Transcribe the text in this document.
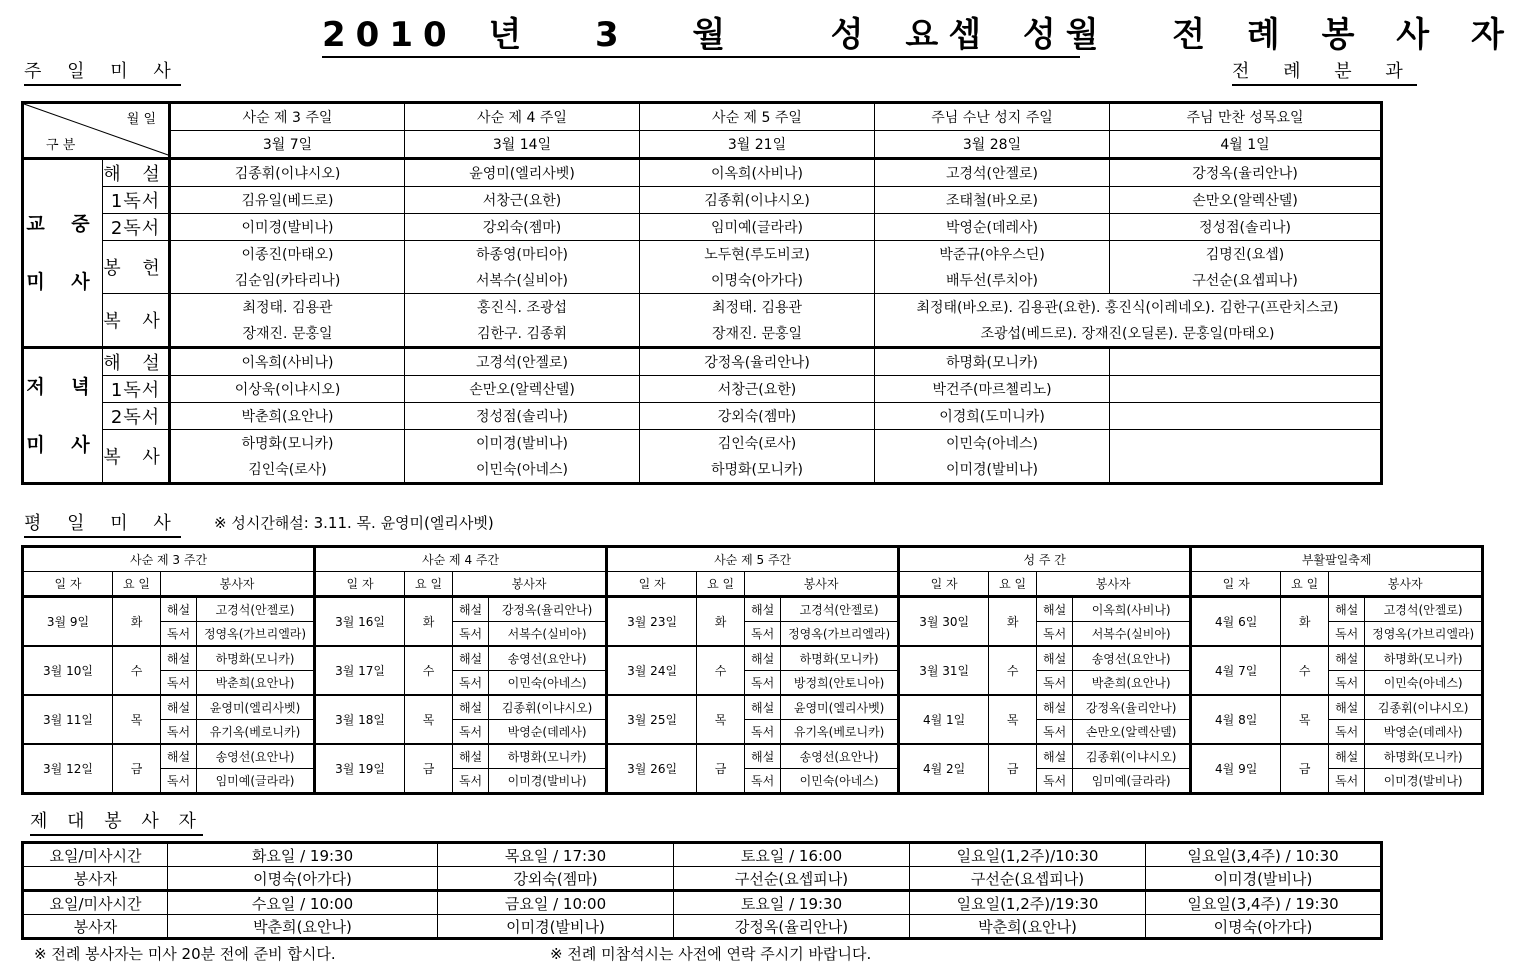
2010 년  3  월   성 요셉 성월  전 례 봉 사 자
주 일 미 사	전 례 분 과
월 일
구 분		사순 제 3 주일	사순 제 4 주일	사순 제 5 주일	주님 수난 성지 주일	주님 만찬 성목요일
		3월 7일	3월 14일	3월 21일	3월 28일	4월 1일

교 중
미 사	해 설	김종휘(이냐시오)	윤영미(엘리사벳)	이옥희(사비나)	고경석(안젤로)	강정옥(율리안나)
	1독서	김유일(베드로)	서창근(요한)	김종휘(이냐시오)	조태철(바오로)	손만오(알렉산델)
	2독서	이미경(발비나)	강외숙(젬마)	임미예(글라라)	박영순(데레사)	정성점(솔리나)
	봉 헌	이종진(마태오)	하종영(마티아)	노두현(루도비코)	박준규(야우스딘)	김명진(요셉)
		김순임(카타리나)	서복수(실비아)	이명숙(아가다)	배두선(루치아)	구선순(요셉피나)
	복 사	최정태. 김용관	홍진식. 조광섭	최정태. 김용관	최정태(바오로). 김용관(요한). 홍진식(이레네오). 김한구(프란치스코)	
		장재진. 문홍일	김한구. 김종휘	장재진. 문홍일	조광섭(베드로). 장재진(오딜론). 문홍일(마태오)	

저 녁
미 사	해 설	이옥희(사비나)	고경석(안젤로)	강정옥(율리안나)	하명화(모니카)	
	1독서	이상욱(이냐시오)	손만오(알렉산델)	서창근(요한)	박건주(마르첼리노)	
	2독서	박춘희(요안나)	정성점(솔리나)	강외숙(젬마)	이경희(도미니카)	
	복 사	하명화(모니카)	이미경(발비나)	김인숙(로사)	이민숙(아네스)	
		김인숙(로사)	이민숙(아네스)	하명화(모니카)	이미경(발비나)	
평 일 미 사 ※ 성시간해설: 3.11. 목. 윤영미(엘리사벳)
사순 제 3 주간				사순 제 4 주간				사순 제 5 주간				성 주 간				부활팔일축제			
일 자	요 일	봉사자		일 자	요 일	봉사자		일 자	요 일	봉사자		일 자	요 일	봉사자		일 자	요 일	봉사자	
3월 9일	화	해설	고경석(안젤로)	3월 16일	화	해설	강정옥(율리안나)	3월 23일	화	해설	고경석(안젤로)	3월 30일	화	해설	이옥희(사비나)	4월 6일	화	해설	고경석(안젤로)
		독서	정영옥(가브리엘라)			독서	서복수(실비아)			독서	정영옥(가브리엘라)			독서	서복수(실비아)			독서	정영옥(가브리엘라)
3월 10일	수	해설	하명화(모니카)	3월 17일	수	해설	송영선(요안나)	3월 24일	수	해설	하명화(모니카)	3월 31일	수	해설	송영선(요안나)	4월 7일	수	해설	하명화(모니카)
		독서	박춘희(요안나)			독서	이민숙(아네스)			독서	방정희(안토니아)			독서	박춘희(요안나)			독서	이민숙(아네스)
3월 11일	목	해설	윤영미(엘리사벳)	3월 18일	목	해설	김종휘(이냐시오)	3월 25일	목	해설	윤영미(엘리사벳)	4월 1일	목	해설	강정옥(율리안나)	4월 8일	목	해설	김종휘(이냐시오)
		독서	유기옥(베로니카)			독서	박영순(데레사)			독서	유기옥(베로니카)			독서	손만오(알렉산델)			독서	박영순(데레사)
3월 12일	금	해설	송영선(요안나)	3월 19일	금	해설	하명화(모니카)	3월 26일	금	해설	송영선(요안나)	4월 2일	금	해설	김종휘(이냐시오)	4월 9일	금	해설	하명화(모니카)
		독서	임미예(글라라)			독서	이미경(발비나)			독서	이민숙(아네스)			독서	임미예(글라라)			독서	이미경(발비나)
제 대 봉 사 자
요일/미사시간	화요일 / 19:30	목요일 / 17:30	토요일 / 16:00	일요일(1,2주)/10:30	일요일(3,4주) / 10:30
봉사자	이명숙(아가다)	강외숙(젬마)	구선순(요셉피나)	구선순(요셉피나)	이미경(발비나)
요일/미사시간	수요일 / 10:00	금요일 / 10:00	토요일 / 19:30	일요일(1,2주)/19:30	일요일(3,4주) / 19:30
봉사자	박춘희(요안나)	이미경(발비나)	강정옥(율리안나)	박춘희(요안나)	이명숙(아가다)
※ 전례 봉사자는 미사 20분 전에 준비 합시다.	※ 전례 미참석시는 사전에 연락 주시기 바랍니다.
